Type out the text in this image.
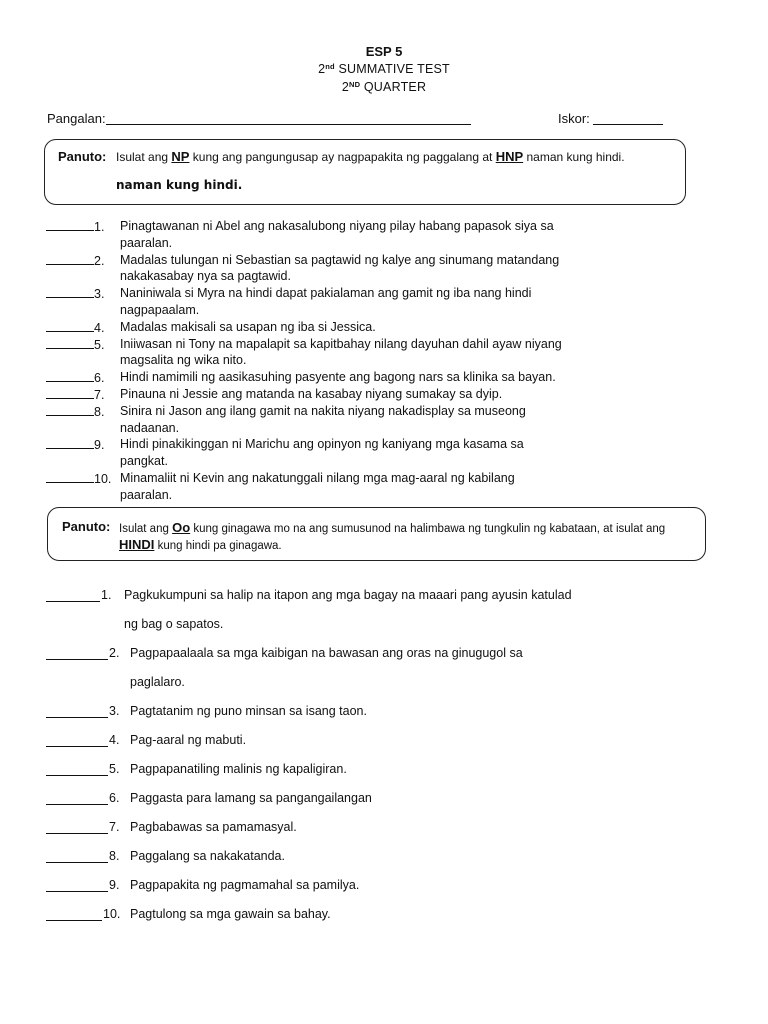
ESP 5
2nd SUMMATIVE TEST
2ND QUARTER
Pangalan:	Iskor:
Panuto: Isulat ang NP kung ang pangungusap ay nagpapakita ng paggalang at HNP naman kung hindi.
naman kung hindi.
1. Pinagtawanan ni Abel ang nakasalubong niyang pilay habang papasok siya sa
paaralan.
2. Madalas tulungan ni Sebastian sa pagtawid ng kalye ang sinumang matandang
nakakasabay nya sa pagtawid.
3. Naniniwala si Myra na hindi dapat pakialaman ang gamit ng iba nang hindi
nagpapaalam.
4. Madalas makisali sa usapan ng iba si Jessica.
5. Iniiwasan ni Tony na mapalapit sa kapitbahay nilang dayuhan dahil ayaw niyang
magsalita ng wika nito.
6. Hindi namimili ng aasikasuhing pasyente ang bagong nars sa klinika sa bayan.
7. Pinauna ni Jessie ang matanda na kasabay niyang sumakay sa dyip.
8. Sinira ni Jason ang ilang gamit na nakita niyang nakadisplay sa museong
nadaanan.
9. Hindi pinakikinggan ni Marichu ang opinyon ng kaniyang mga kasama sa
pangkat.
10. Minamaliit ni Kevin ang nakatunggali nilang mga mag-aaral ng kabilang
paaralan.
Panuto: Isulat ang Oo kung ginagawa mo na ang sumusunod na halimbawa ng tungkulin ng kabataan, at isulat ang HINDI kung hindi pa ginagawa.
1. Pagkukumpuni sa halip na itapon ang mga bagay na maaari pang ayusin katulad
ng bag o sapatos.
2. Pagpapaalaala sa mga kaibigan na bawasan ang oras na ginugugol sa
paglalaro.
3. Pagtatanim ng puno minsan sa isang taon.
4. Pag-aaral ng mabuti.
5. Pagpapanatiling malinis ng kapaligiran.
6. Paggasta para lamang sa pangangailangan
7. Pagbabawas sa pamamasyal.
8. Paggalang sa nakakatanda.
9. Pagpapakita ng pagmamahal sa pamilya.
10. Pagtulong sa mga gawain sa bahay.
